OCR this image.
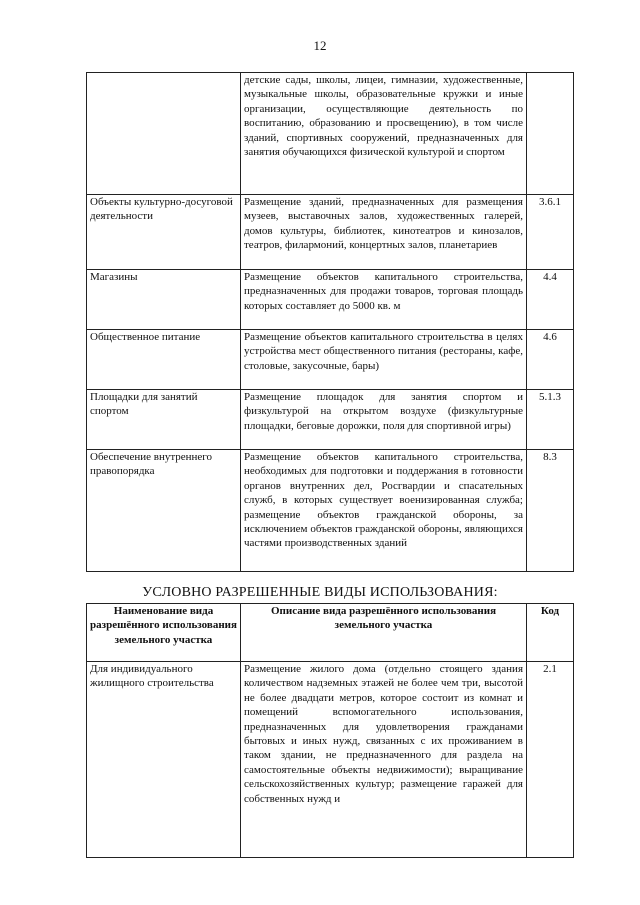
12
	детские сады, школы, лицеи, гимназии, художественные, музыкальные школы, образовательные кружки и иные организации, осуществляющие деятельность по воспитанию, образованию и просвещению), в том числе зданий, спортивных сооружений, предназначенных для занятия обучающихся физической культурой и спортом	
Объекты культурно-досуговой деятельности	Размещение зданий, предназначенных для размещения музеев, выставочных залов, художественных галерей, домов культуры, библиотек, кинотеатров и кинозалов, театров, филармоний, концертных залов, планетариев	3.6.1
Магазины	Размещение объектов капитального строительства, предназначенных для продажи товаров, торговая площадь которых составляет до 5000 кв. м	4.4
Общественное питание	Размещение объектов капитального строительства в целях устройства мест общественного питания (рестораны, кафе, столовые, закусочные, бары)	4.6
Площадки для занятий спортом	Размещение площадок для занятия спортом и физкультурой на открытом воздухе (физкультурные площадки, беговые дорожки, поля для спортивной игры)	5.1.3
Обеспечение внутреннего правопорядка	Размещение объектов капитального строительства, необходимых для подготовки и поддержания в готовности органов внутренних дел, Росгвардии и спасательных служб, в которых существует военизированная служба; размещение объектов гражданской обороны, за исключением объектов гражданской обороны, являющихся частями производственных зданий	8.3
УСЛОВНО РАЗРЕШЕННЫЕ ВИДЫ ИСПОЛЬЗОВАНИЯ:
Наименование вида разрешённого использования земельного участка	Описание вида разрешённого использования земельного участка	Код
Для индивидуального жилищного строительства	Размещение жилого дома (отдельно стоящего здания количеством надземных этажей не более чем три, высотой не более двадцати метров, которое состоит из комнат и помещений вспомогательного использования, предназначенных для удовлетворения гражданами бытовых и иных нужд, связанных с их проживанием в таком здании, не предназначенного для раздела на самостоятельные объекты недвижимости); выращивание сельскохозяйственных культур; размещение гаражей для собственных нужд и	2.1
